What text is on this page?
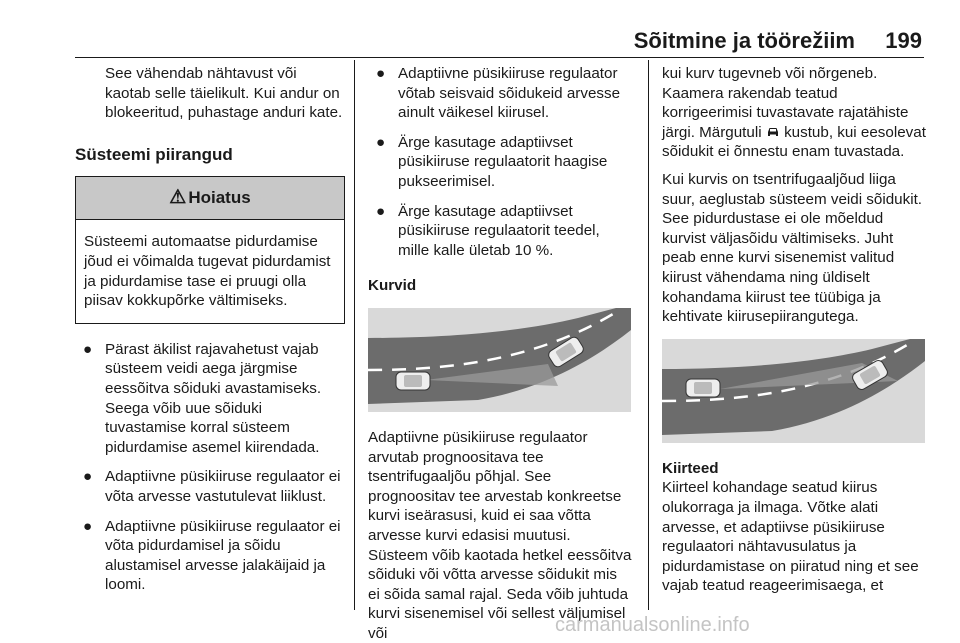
Sõitmine ja töörežiim 199

See vähendab nähtavust või kaotab selle täielikult. Kui andur on blokeeritud, puhastage anduri kate.

Süsteemi piirangud

⚠ Hoiatus
Süsteemi automaatse pidurdamise jõud ei võimalda tugevat pidurdamist ja pidurdamise tase ei pruugi olla piisav kokkupõrke vältimiseks.

● Pärast äkilist rajavahetust vajab süsteem veidi aega järgmise eessõitva sõiduki avastamiseks. Seega võib uue sõiduki tuvastamise korral süsteem pidurdamise asemel kiirendada.

● Adaptiivne püsikiiruse regulaator ei võta arvesse vastutulevat liiklust.

● Adaptiivne püsikiiruse regulaator ei võta pidurdamisel ja sõidu alustamisel arvesse jalakäijaid ja loomi.

● Adaptiivne püsikiiruse regulaator võtab seisvaid sõidukeid arvesse ainult väikesel kiirusel.

● Ärge kasutage adaptiivset püsikiiruse regulaatorit haagise pukseerimisel.

● Ärge kasutage adaptiivset püsikiiruse regulaatorit teedel, mille kalle ületab 10 %.

Kurvid

Adaptiivne püsikiiruse regulaator arvutab prognoositava tee tsentrifugaaljõu põhjal. See prognoositav tee arvestab konkreetse kurvi iseärasusi, kuid ei saa võtta arvesse kurvi edasisi muutusi. Süsteem võib kaotada hetkel eessõitva sõiduki või võtta arvesse sõidukit mis ei sõida samal rajal. Seda võib juhtuda kurvi sisenemisel või sellest väljumisel või

kui kurv tugevneb või nõrgeneb. Kaamera rakendab teatud korrigeerimisi tuvastavate rajatähiste järgi. Märgutuli kustub, kui eesolevat sõidukit ei õnnestu enam tuvastada.

Kui kurvis on tsentrifugaaljõud liiga suur, aeglustab süsteem veidi sõidukit. See pidurdustase ei ole mõeldud kurvist väljasõidu vältimiseks. Juht peab enne kurvi sisenemist valitud kiirust vähendama ning üldiselt kohandama kiirust tee tüübiga ja kehtivate kiirusepiirangutega.

Kiirteed

Kiirteel kohandage seatud kiirus olukorraga ja ilmaga. Võtke alati arvesse, et adaptiivse püsikiiruse regulaatori nähtavusulatus ja pidurdamistase on piiratud ning et see vajab teatud reageerimisaega, et

carmanualsonline.info
